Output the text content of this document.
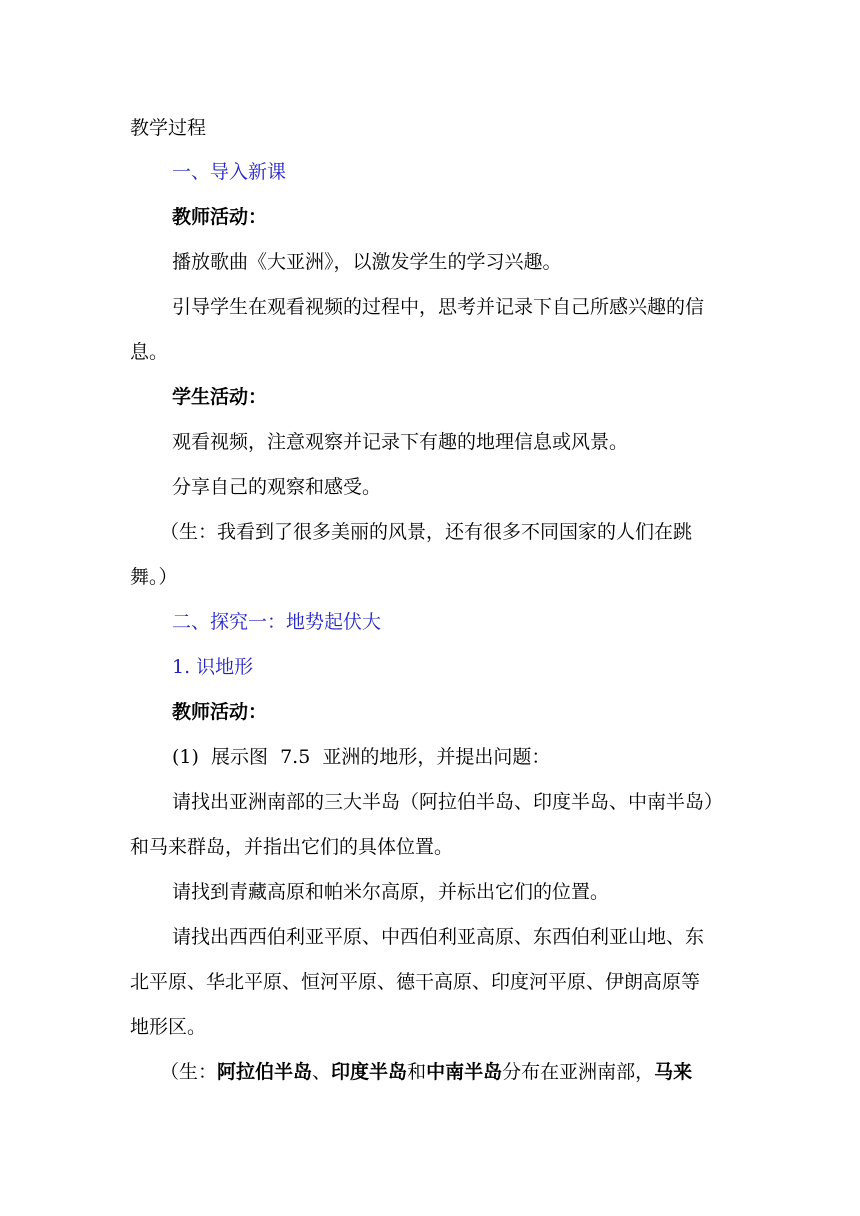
教学过程
一、导入新课
教师活动：
播放歌曲《大亚洲》，以激发学生的学习兴趣。
引导学生在观看视频的过程中，思考并记录下自己所感兴趣的信
息。
学生活动：
观看视频，注意观察并记录下有趣的地理信息或风景。
分享自己的观察和感受。
（生：我看到了很多美丽的风景，还有很多不同国家的人们在跳
舞。）
二、探究一：地势起伏大
1. 识地形
教师活动：
(1)  展示图  7.5  亚洲的地形，并提出问题：
请找出亚洲南部的三大半岛（阿拉伯半岛、印度半岛、中南半岛）
和马来群岛，并指出它们的具体位置。
请找到青藏高原和帕米尔高原，并标出它们的位置。
请找出西西伯利亚平原、中西伯利亚高原、东西伯利亚山地、东
北平原、华北平原、恒河平原、德干高原、印度河平原、伊朗高原等
地形区。
（生：阿拉伯半岛、印度半岛和中南半岛分布在亚洲南部，马来
